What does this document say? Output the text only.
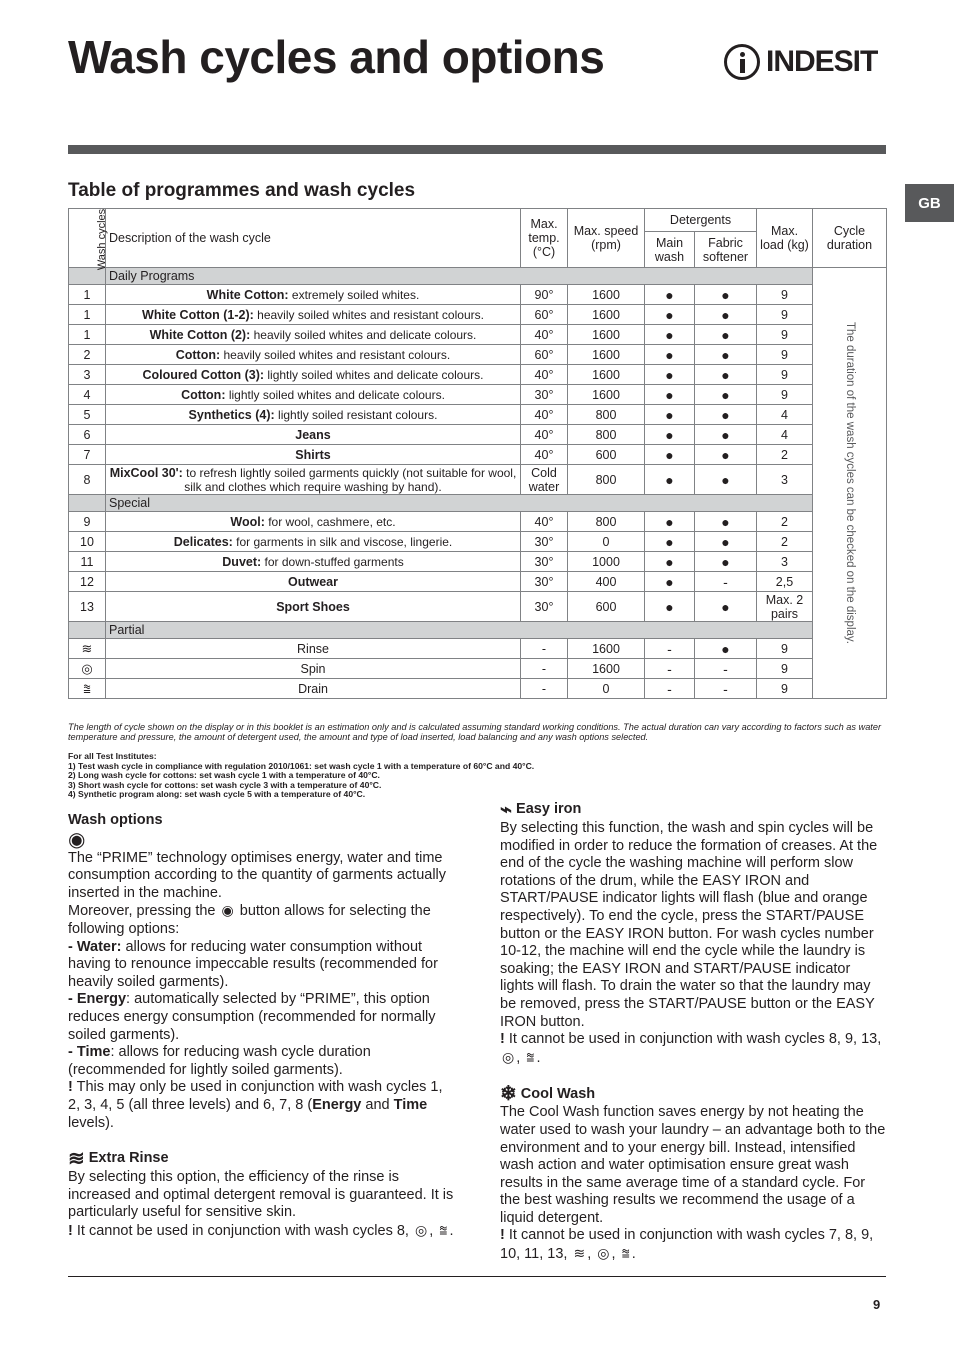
Wash cycles and options	INDESIT
GB
Table of programmes and wash cycles
Wash cycles	Description of the wash cycle	Max. temp. (°C)	Max. speed (rpm)	Detergents		Max. load (kg)	Cycle duration
				Main wash	Fabric softener		
	Daily Programs						The duration of the wash cycles can be checked on the display.

1	White Cotton: extremely soiled whites.	90°	1600	●	●	9	
1	White Cotton (1-2): heavily soiled whites and resistant colours.	60°	1600	●	●	9	
1	White Cotton (2): heavily soiled whites and delicate colours.	40°	1600	●	●	9	
2	Cotton: heavily soiled whites and resistant colours.	60°	1600	●	●	9	
3	Coloured Cotton (3): lightly soiled whites and delicate colours.	40°	1600	●	●	9	
4	Cotton: lightly soiled whites and delicate colours.	30°	1600	●	●	9	
5	Synthetics (4): lightly soiled resistant colours.	40°	800	●	●	4	
6	Jeans	40°	800	●	●	4	
7	Shirts	40°	600	●	●	2	
8	MixCool 30': to refresh lightly soiled garments quickly (not suitable for wool, silk and clothes which require washing by hand).	Cold water	800	●	●	3	
	Special						
9	Wool: for wool, cashmere, etc.	40°	800	●	●	2	
10	Delicates: for garments in silk and viscose, lingerie.	30°	0	●	●	2	
11	Duvet: for down-stuffed garments	30°	1000	●	●	3	
12	Outwear	30°	400	●	-	2,5	
13	Sport Shoes	30°	600	●	●	Max. 2 pairs	
	Partial						
≋	Rinse	-	1600	-	●	9	
◎	Spin	-	1600	-	-	9	
⩰	Drain	-	0	-	-	9	

The length of cycle shown on the display or in this booklet is an estimation only and is calculated assuming standard working conditions. The actual duration can vary according to factors such as water temperature and pressure, the amount of detergent used, the amount and type of load inserted, load balancing and any wash options selected.

For all Test Institutes:
1) Test wash cycle in compliance with regulation 2010/1061: set wash cycle 1 with a temperature of 60°C and 40°C.
2) Long wash cycle for cottons: set wash cycle 1 with a temperature of 40°C.
3) Short wash cycle for cottons: set wash cycle 3 with a temperature of 40°C.
4) Synthetic program along: set wash cycle 5 with a temperature of 40°C.

Wash options

◉

The “PRIME” technology optimises energy, water and time consumption according to the quantity of garments actually inserted in the machine.

Moreover, pressing the ◉ button allows for selecting the following options:

- Water: allows for reducing water consumption without having to renounce impeccable results (recommended for heavily soiled garments).

- Energy: automatically selected by “PRIME”, this option reduces energy consumption (recommended for normally soiled garments).

- Time: allows for reducing wash cycle duration (recommended for lightly soiled garments).

! This may only be used in conjunction with wash cycles 1, 2, 3, 4, 5 (all three levels) and 6, 7, 8 (Energy and Time levels).

≋ Extra Rinse

By selecting this option, the efficiency of the rinse is increased and optimal detergent removal is guaranteed. It is particularly useful for sensitive skin.

! It cannot be used in conjunction with wash cycles 8, ◎ , ⩰ .

⌁ Easy iron

By selecting this function, the wash and spin cycles will be modified in order to reduce the formation of creases. At the end of the cycle the washing machine will perform slow rotations of the drum, while the EASY IRON and START/PAUSE indicator lights will flash (blue and orange respectively). To end the cycle, press the START/PAUSE button or the EASY IRON button. For wash cycles number 10-12, the machine will end the cycle while the laundry is soaking; the EASY IRON and START/PAUSE indicator lights will flash. To drain the water so that the laundry may be removed, press the START/PAUSE button or the EASY IRON button.

! It cannot be used in conjunction with wash cycles 8, 9, 13, ◎ , ⩰ .

❄ Cool Wash

The Cool Wash function saves energy by not heating the water used to wash your laundry – an advantage both to the environment and to your energy bill. Instead, intensified wash action and water optimisation ensure great wash results in the same average time of a standard cycle. For the best washing results we recommend the usage of a liquid detergent.

! It cannot be used in conjunction with wash cycles 7, 8, 9, 10, 11, 13, ≋ , ◎ , ⩰ .

9
